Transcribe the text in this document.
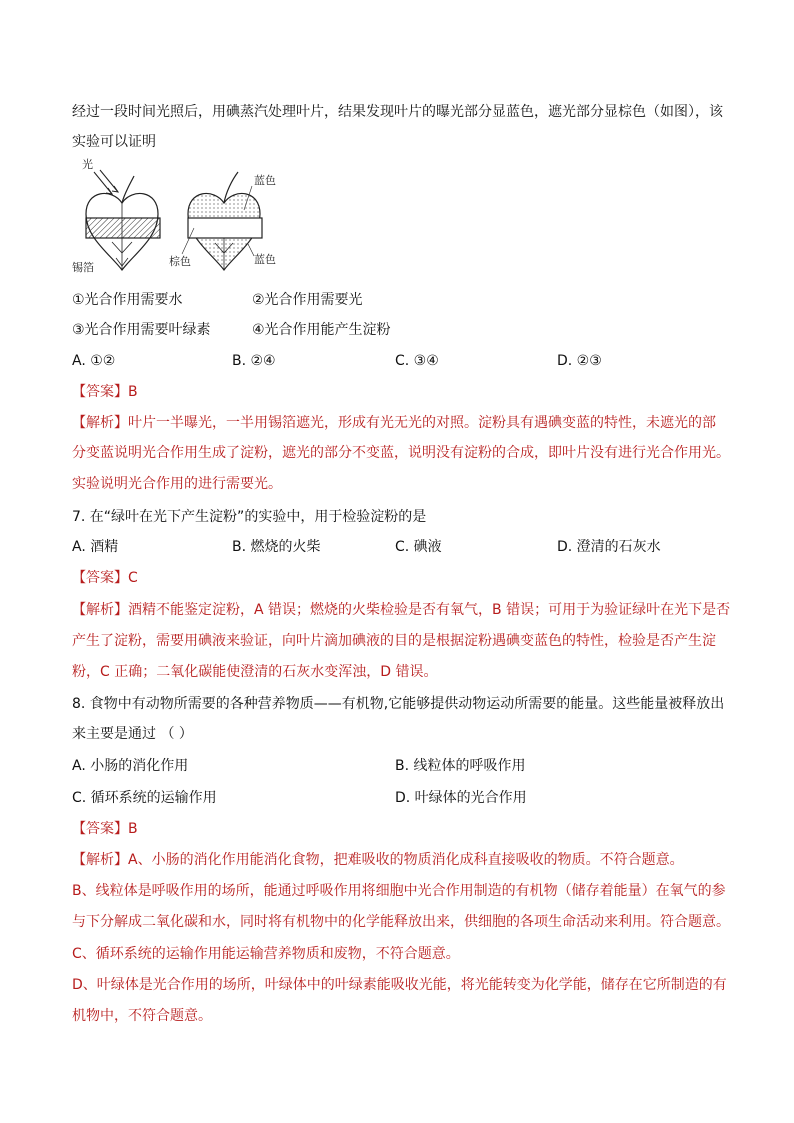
经过一段时间光照后，用碘蒸汽处理叶片，结果发现叶片的曝光部分显蓝色，遮光部分显棕色（如图），该
实验可以证明
光
锡箔
蓝色
棕色	蓝色
①光合作用需要水	②光合作用需要光
③光合作用需要叶绿素	④光合作用能产生淀粉
A. ①②	B. ②④	C. ③④	D. ②③
【答案】B
【解析】叶片一半曝光，一半用锡箔遮光，形成有光无光的对照。淀粉具有遇碘变蓝的特性，未遮光的部
分变蓝说明光合作用生成了淀粉，遮光的部分不变蓝，说明没有淀粉的合成，即叶片没有进行光合作用光。
实验说明光合作用的进行需要光。
7. 在“绿叶在光下产生淀粉”的实验中，用于检验淀粉的是
A. 酒精	B. 燃烧的火柴	C. 碘液	D. 澄清的石灰水
【答案】C
【解析】酒精不能鉴定淀粉，A 错误；燃烧的火柴检验是否有氧气，B 错误；可用于为验证绿叶在光下是否
产生了淀粉，需要用碘液来验证，向叶片滴加碘液的目的是根据淀粉遇碘变蓝色的特性，检验是否产生淀
粉，C 正确；二氧化碳能使澄清的石灰水变浑浊，D 错误。
8. 食物中有动物所需要的各种营养物质——有机物,它能够提供动物运动所需要的能量。这些能量被释放出
来主要是通过 （ ）
A. 小肠的消化作用	B. 线粒体的呼吸作用
C. 循环系统的运输作用	D. 叶绿体的光合作用
【答案】B
【解析】A、小肠的消化作用能消化食物，把难吸收的物质消化成科直接吸收的物质。不符合题意。
B、线粒体是呼吸作用的场所，能通过呼吸作用将细胞中光合作用制造的有机物（储存着能量）在氧气的参
与下分解成二氧化碳和水，同时将有机物中的化学能释放出来，供细胞的各项生命活动来利用。符合题意。
C、循环系统的运输作用能运输营养物质和废物，不符合题意。
D、叶绿体是光合作用的场所，叶绿体中的叶绿素能吸收光能，将光能转变为化学能，储存在它所制造的有
机物中，不符合题意。
